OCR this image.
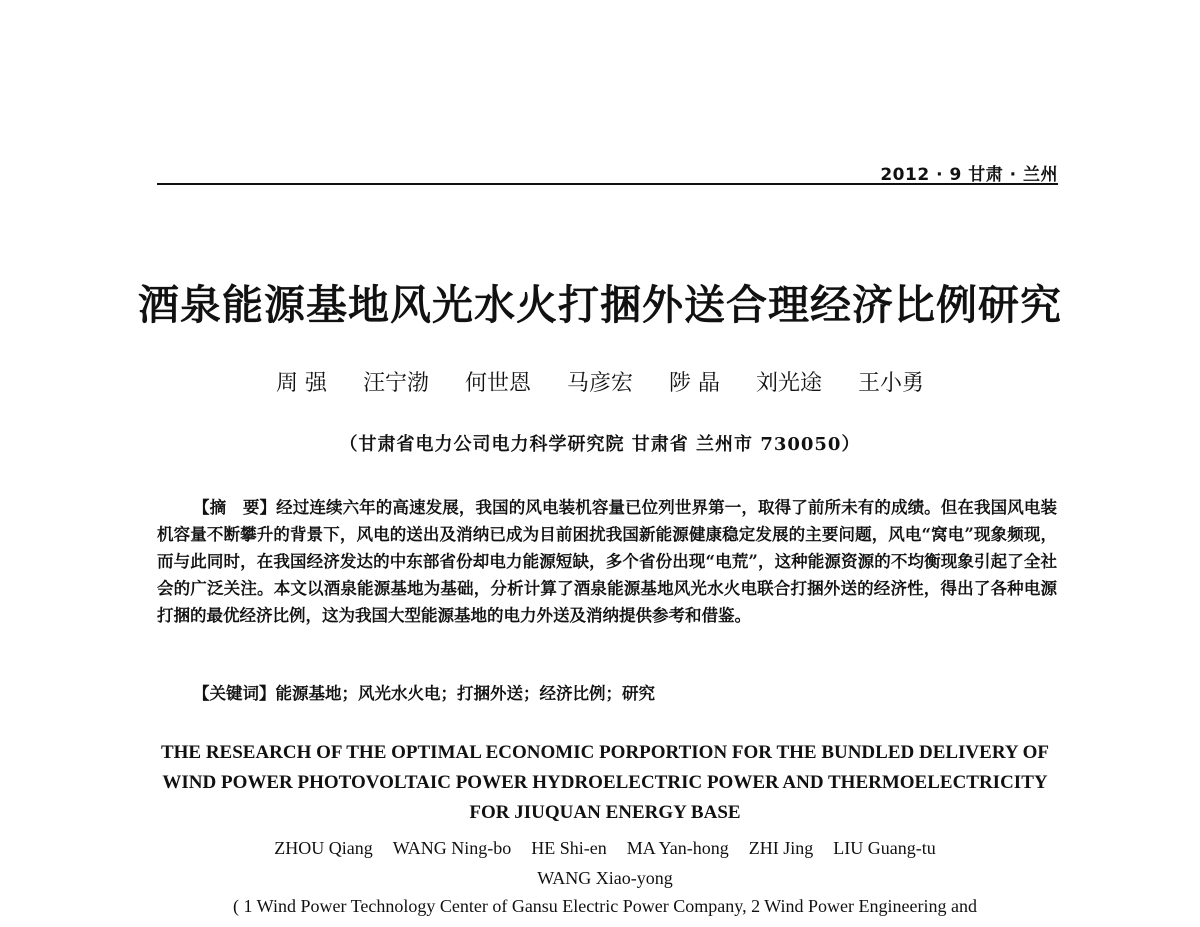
2012 · 9 甘肃 · 兰州
酒泉能源基地风光水火打捆外送合理经济比例研究
周 强 汪宁渤 何世恩 马彦宏 陟 晶 刘光途 王小勇
（甘肃省电力公司电力科学研究院 甘肃省 兰州市 730050）

【摘　要】经过连续六年的高速发展，我国的风电装机容量已位列世界第一，取得了前所未有的成绩。但在我国风电装机容量不断攀升的背景下，风电的送出及消纳已成为目前困扰我国新能源健康稳定发展的主要问题，风电“窝电”现象频现，而与此同时，在我国经济发达的中东部省份却电力能源短缺，多个省份出现“电荒”，这种能源资源的不均衡现象引起了全社会的广泛关注。本文以酒泉能源基地为基础，分析计算了酒泉能源基地风光水火电联合打捆外送的经济性，得出了各种电源打捆的最优经济比例，这为我国大型能源基地的电力外送及消纳提供参考和借鉴。

【关键词】能源基地；风光水火电；打捆外送；经济比例；研究

THE RESEARCH OF THE OPTIMAL ECONOMIC PORPORTION FOR THE BUNDLED DELIVERY OF
WIND POWER PHOTOVOLTAIC POWER HYDROELECTRIC POWER AND THERMOELECTRICITY
FOR JIUQUAN ENERGY BASE
ZHOU Qiang WANG Ning-bo HE Shi-en MA Yan-hong ZHI Jing LIU Guang-tu
WANG Xiao-yong
( 1 Wind Power Technology Center of Gansu Electric Power Company, 2 Wind Power Engineering and
